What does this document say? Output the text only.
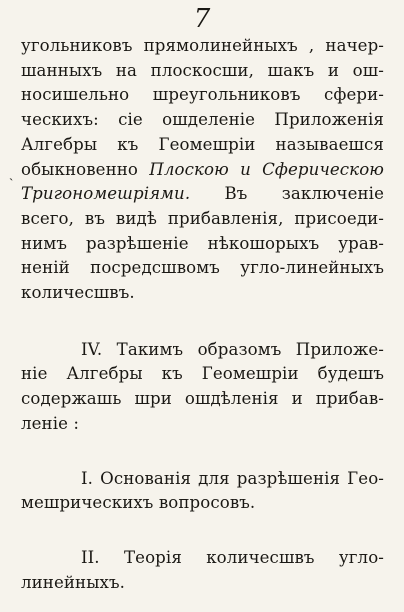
7
ˏ
угольниковъ прямолинейныхъ , начер-
шанныхъ на плоскосши, шакъ и ош-
носишельно шреугольниковъ сфери-
ческихъ: сiе ошделенiе Приложенiя
Алгебры къ Геомешрiи называешся
обыкновенно Плоскою и Сферическою
Тригономешрiями. Въ заключенiе
всего, въ видѣ прибавленiя, присоеди-
нимъ разрѣшенiе нѣкошорыхъ урав-
ненiй посредсшвомъ угло-линейныхъ
количесшвъ.
IV. Такимъ образомъ Приложе-
нiе Алгебры къ Геомешрiи будешъ
содержашь шри ошдѣленiя и прибав-
ленiе :
I. Основанiя для разрѣшенiя Гео-
мешрическихъ вопросовъ.
II. Теорiя количесшвъ угло-
линейныхъ.
